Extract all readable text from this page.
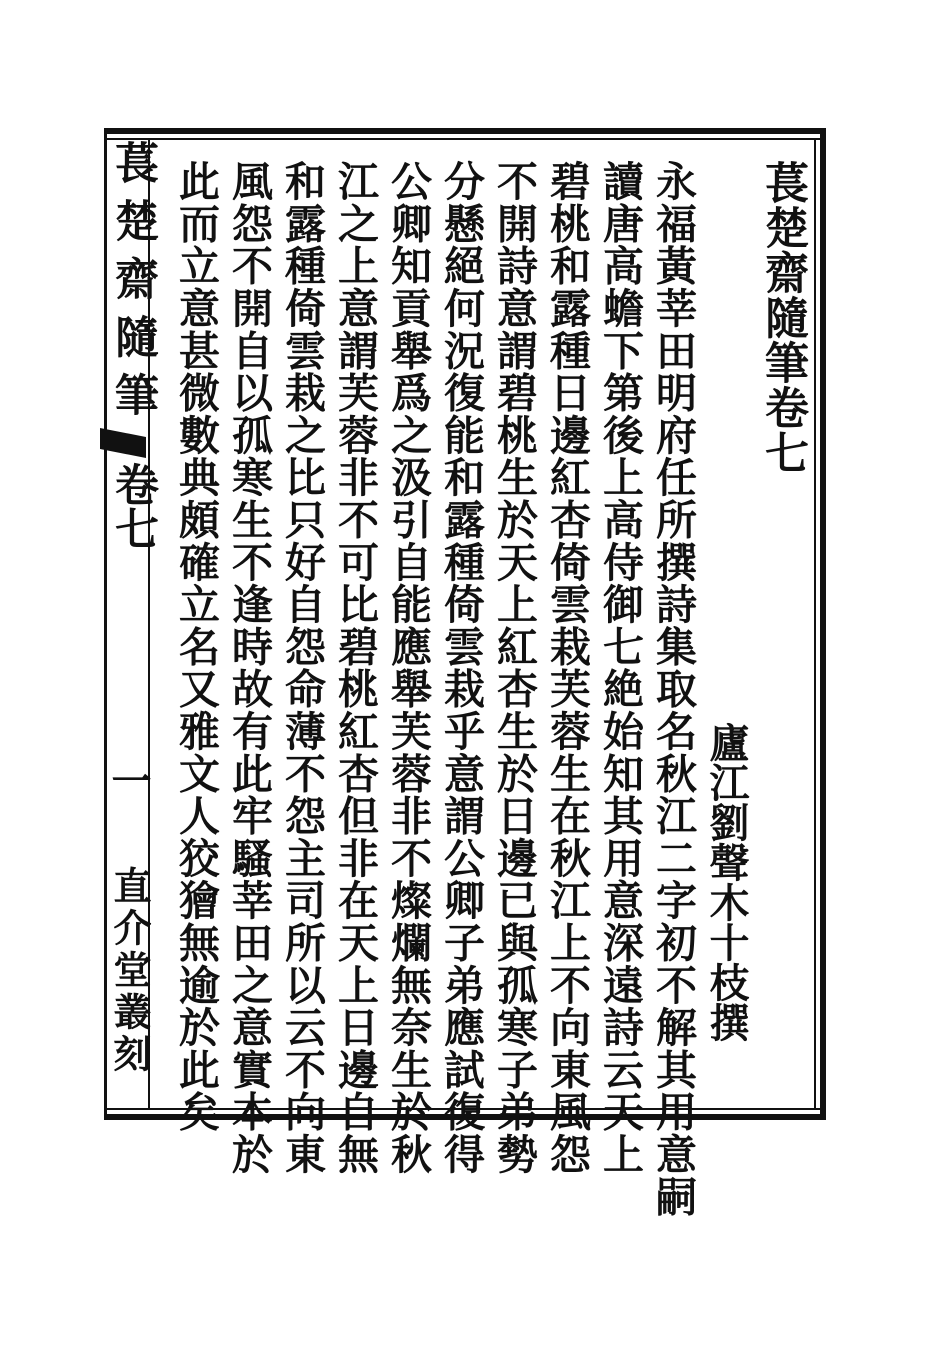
萇楚齋隨筆
卷七
一
直介堂叢刻
萇楚齋隨筆卷七
廬江劉聲木十枝撰
永福黃莘田明府任所撰詩集取名秋江二字初不解其用意嗣
讀唐高蟾下第後上高侍御七絶始知其用意深遠詩云天上
碧桃和露種日邊紅杏倚雲栽芙蓉生在秋江上不向東風怨
不開詩意謂碧桃生於天上紅杏生於日邊已與孤寒子弟勢
分懸絕何況復能和露種倚雲栽乎意謂公卿子弟應試復得
公卿知貢舉爲之汲引自能應舉芙蓉非不燦爛無奈生於秋
江之上意謂芙蓉非不可比碧桃紅杏但非在天上日邊自無
和露種倚雲栽之比只好自怨命薄不怨主司所以云不向東
風怨不開自以孤寒生不逢時故有此牢騷莘田之意實本於
此而立意甚微數典頗確立名又雅文人狡獪無逾於此矣
